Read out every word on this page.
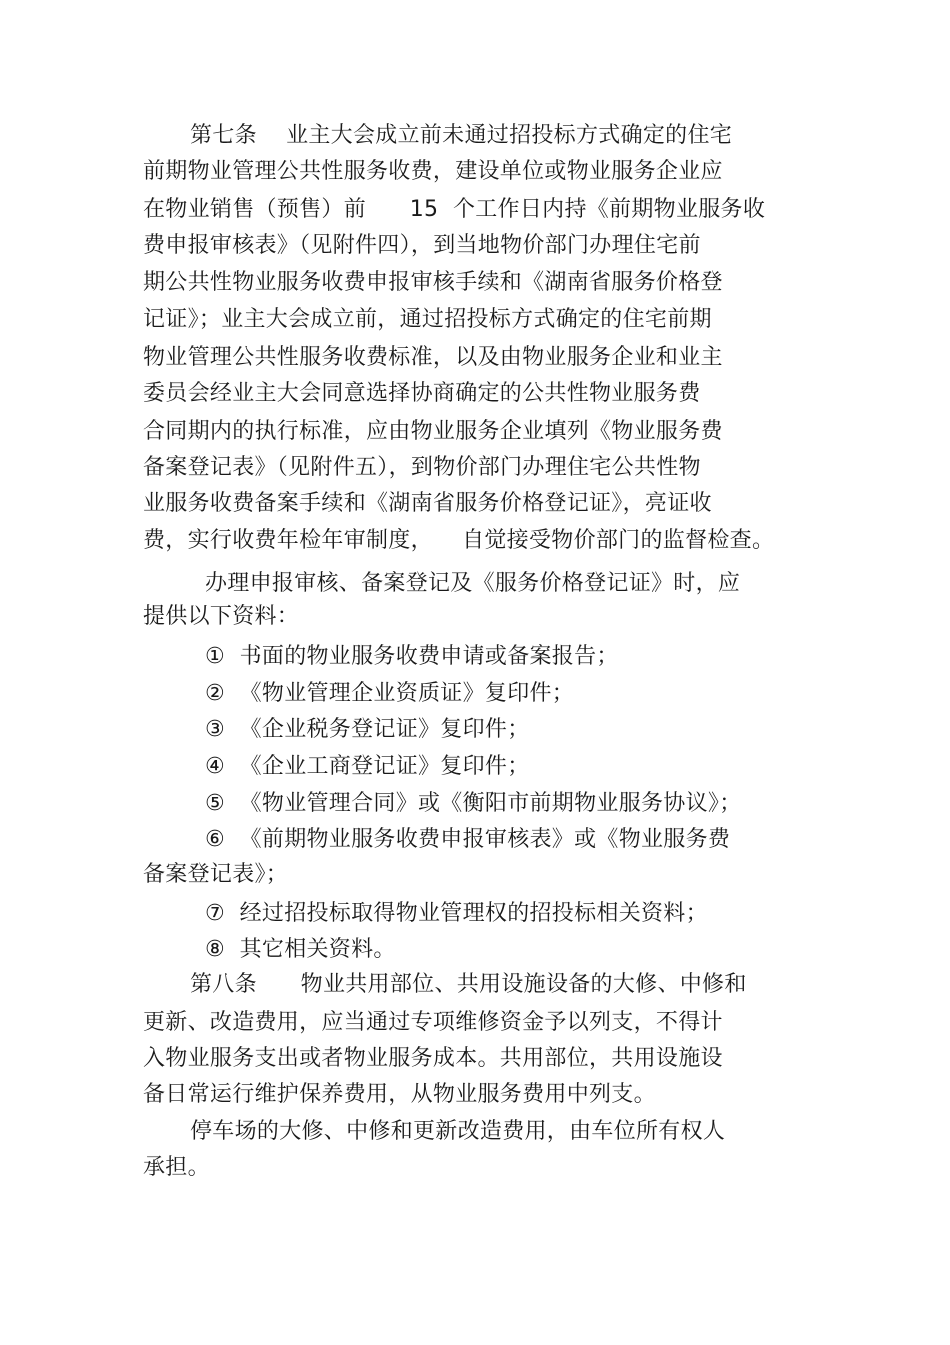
第七条    业主大会成立前未通过招投标方式确定的住宅
前期物业管理公共性服务收费，建设单位或物业服务企业应
在物业销售（预售）前      15  个工作日内持《前期物业服务收
费申报审核表》（见附件四），到当地物价部门办理住宅前
期公共性物业服务收费申报审核手续和《湖南省服务价格登
记证》；业主大会成立前，通过招投标方式确定的住宅前期
物业管理公共性服务收费标准，以及由物业服务企业和业主
委员会经业主大会同意选择协商确定的公共性物业服务费
合同期内的执行标准，应由物业服务企业填列《物业服务费
备案登记表》（见附件五），到物价部门办理住宅公共性物
业服务收费备案手续和《湖南省服务价格登记证》，亮证收
费，实行收费年检年审制度，    自觉接受物价部门的监督检查。
办理申报审核、备案登记及《服务价格登记证》时，应
提供以下资料：
①  书面的物业服务收费申请或备案报告；
②  《物业管理企业资质证》复印件；
③  《企业税务登记证》复印件；
④  《企业工商登记证》复印件；
⑤  《物业管理合同》或《衡阳市前期物业服务协议》；
⑥  《前期物业服务收费申报审核表》或《物业服务费
备案登记表》；
⑦  经过招投标取得物业管理权的招投标相关资料；
⑧  其它相关资料。
第八条      物业共用部位、共用设施设备的大修、中修和
更新、改造费用，应当通过专项维修资金予以列支，不得计
入物业服务支出或者物业服务成本。共用部位，共用设施设
备日常运行维护保养费用，从物业服务费用中列支。
停车场的大修、中修和更新改造费用，由车位所有权人
承担。
